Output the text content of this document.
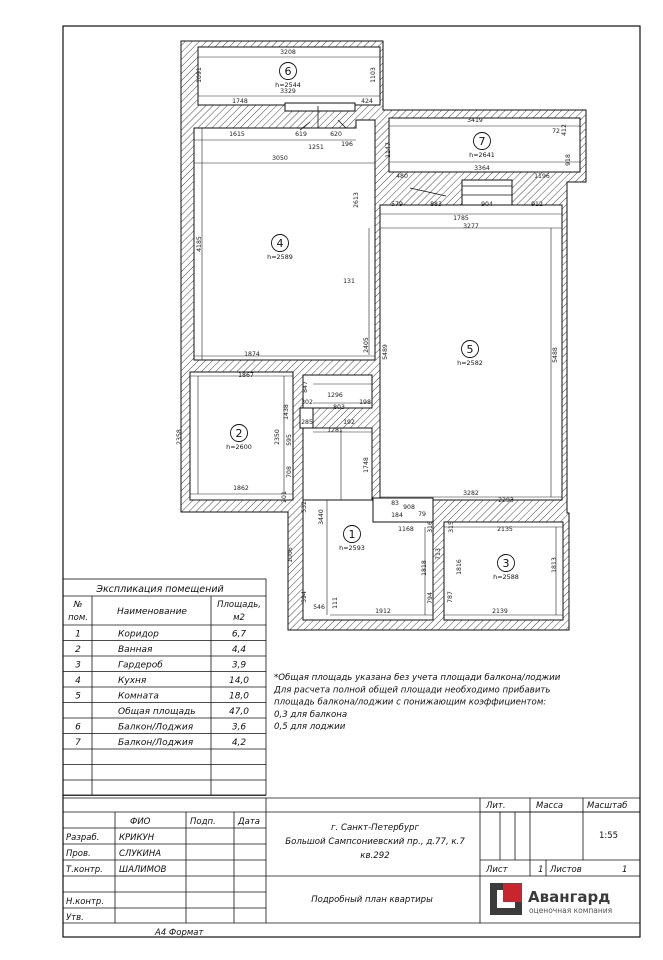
1
h=2593
2
h=2600
3
h=2588
4
h=2589
5
h=2582
6
h=2544
7
h=2641
3208
1091	1103
3329
1748	424
1615	619	620
1251	196
3050
3419
72 412
1147
918
3364
480	1196
579	883	904	912
1785
3277
2613
4185
131
2405 5489	5488
1874
1867
847
1438
302
1296
803
198
2358	2350
285
595
192
1281
708	1748
1862
201
532
3440
83
908
184 79
3282
2293
1168 316 315	2135
1006
1818
713
1816	1813
594
546 111
1912
794 787
2139
Экспликация помещений
№
пом.
Наименование
Площадь,
м2
1	Коридор	6,7
2	Ванная	4,4
3	Гардероб	3,9
4	Кухня	14,0
5	Комната	18,0
Общая площадь	47,0
6	Балкон/Лоджия	3,6
7	Балкон/Лоджия	4,2
*Общая площадь указана без учета площади балкона/лоджии
Для расчета полной общей площади необходимо прибавить
площадь балкона/лоджии с понижающим коэффициентом:
0,3 для балкона
0,5 для лоджии
ФИО	Подп.	Дата
Разраб. КРИКУН
Пров.	СЛУКИНА
Т.контр. ШАЛИМОВ
Н.контр.
Утв.
г. Санкт-Петербург
Большой Сампсониевский пр., д.77, к.7
кв.292
Лит.	Масса	Масштаб
1:55
Лист	1 Листов	1
Подробный план квартиры
А4 Формат
Авангард
оценочная компания
